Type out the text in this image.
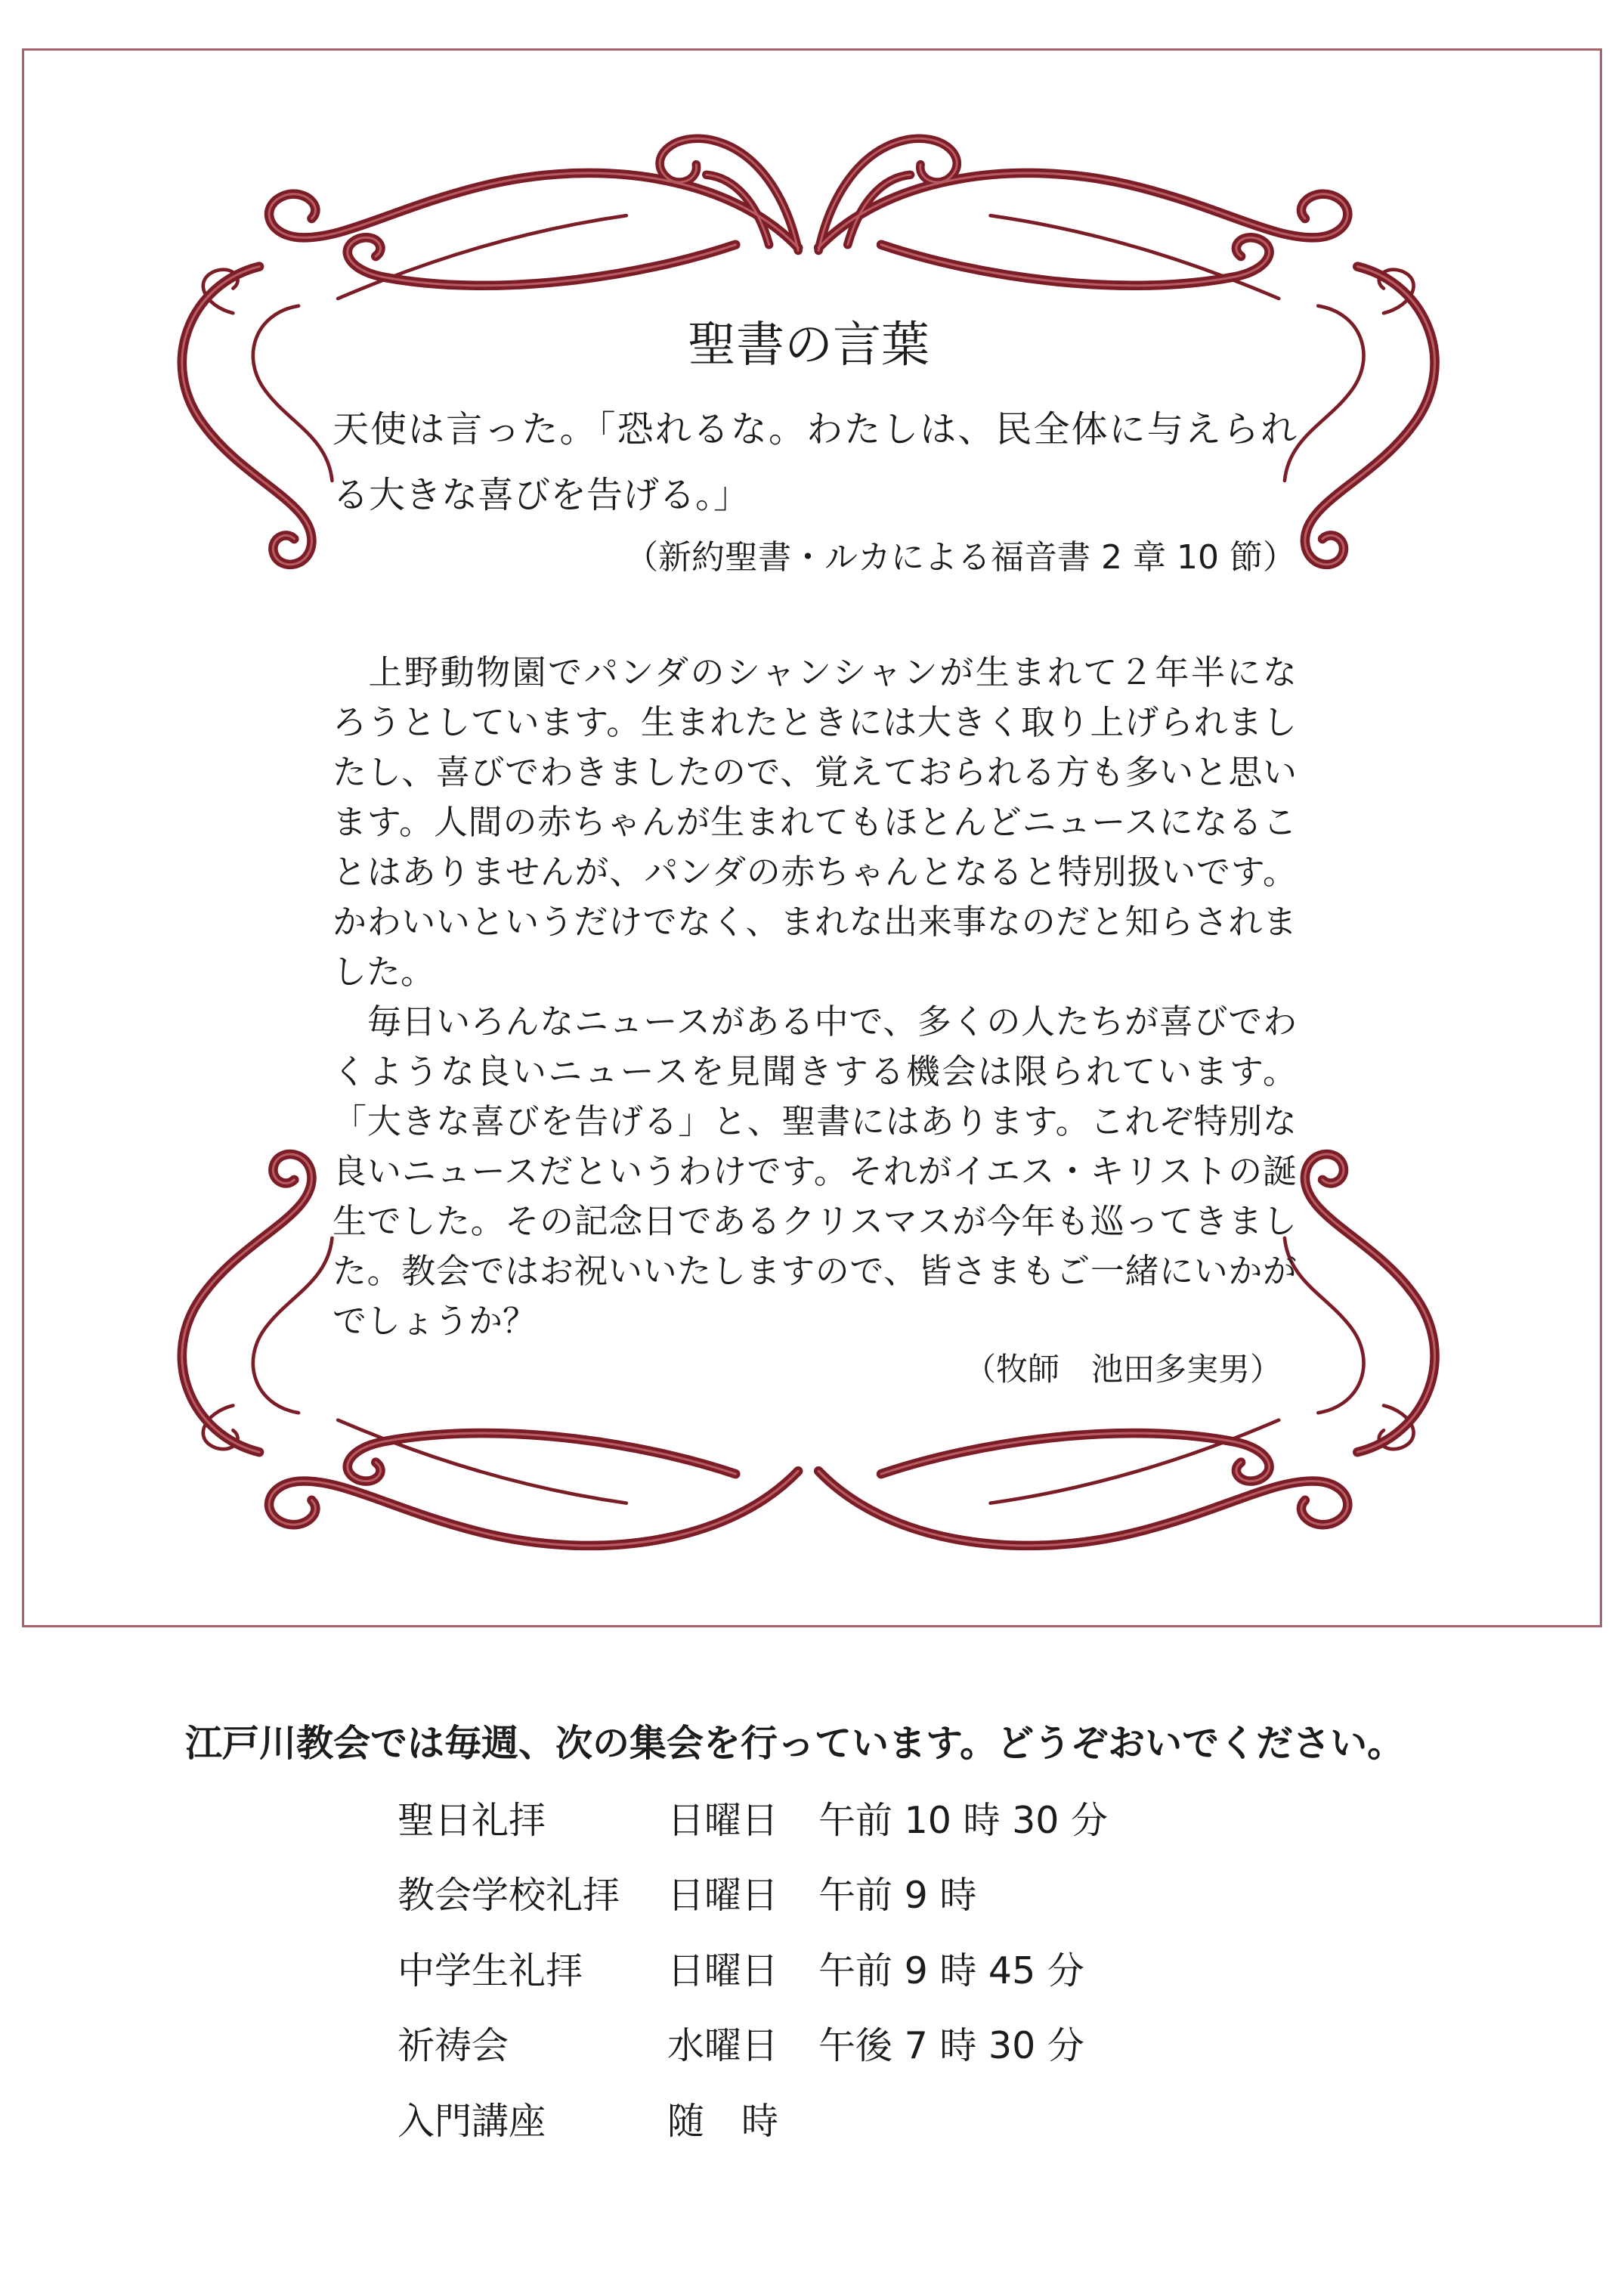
聖書の言葉
天使は言った。「恐れるな。わたしは、民全体に与えられ
る大きな喜びを告げる。」
（新約聖書・ルカによる福音書 2 章 10 節）
　上野動物園でパンダのシャンシャンが生まれて２年半にな
ろうとしています。生まれたときには大きく取り上げられまし
たし、喜びでわきましたので、覚えておられる方も多いと思い
ます。人間の赤ちゃんが生まれてもほとんどニュースになるこ
とはありませんが、パンダの赤ちゃんとなると特別扱いです。
かわいいというだけでなく、まれな出来事なのだと知らされま
した。
　毎日いろんなニュースがある中で、多くの人たちが喜びでわ
くような良いニュースを見聞きする機会は限られています。
「大きな喜びを告げる」と、聖書にはあります。これぞ特別な
良いニュースだというわけです。それがイエス・キリストの誕
生でした。その記念日であるクリスマスが今年も巡ってきまし
た。教会ではお祝いいたしますので、皆さまもご一緒にいかが
でしょうか？
（牧師　池田多実男）
江戸川教会では毎週、次の集会を行っています。どうぞおいでください。
聖日礼拝	日曜日 午前 10 時 30 分
教会学校礼拝 日曜日 午前 9 時
中学生礼拝 日曜日 午前 9 時 45 分
祈祷会	水曜日 午後 7 時 30 分
入門講座	随　時
